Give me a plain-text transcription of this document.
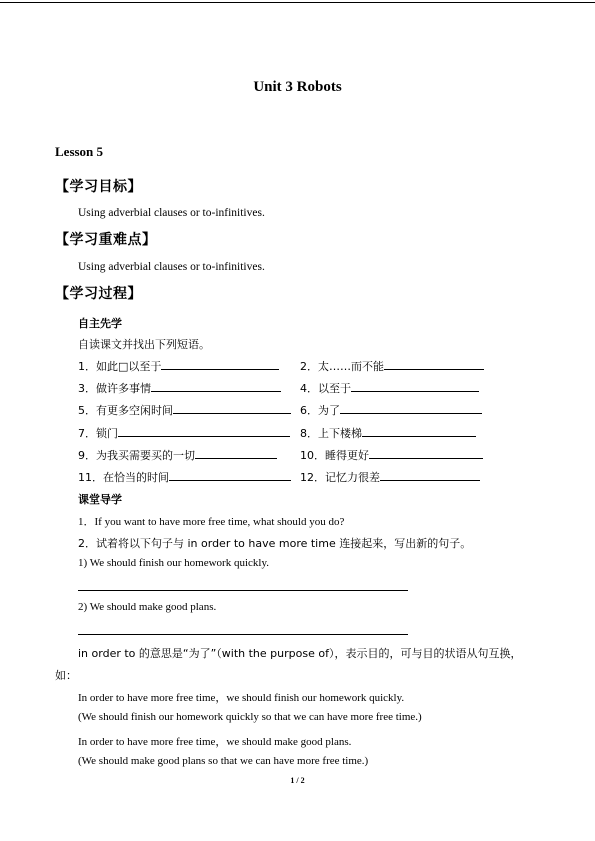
Unit 3 Robots
Lesson 5
【学习目标】
Using adverbial clauses or to-infinitives.
【学习重难点】
Using adverbial clauses or to-infinitives.
【学习过程】
自主先学
自读课文并找出下列短语。
1．如此□以至于	2．太……而不能
3．做许多事情	4．以至于
5．有更多空闲时间	6．为了
7．锁门	8．上下楼梯
9．为我买需要买的一切	10．睡得更好
11．在恰当的时间	12．记忆力很差
课堂导学
1．If you want to have more free time, what should you do?
2．试着将以下句子与 in order to have more time 连接起来，写出新的句子。
1) We should finish our homework quickly.
2) We should make good plans.
in order to 的意思是“为了”（with the purpose of），表示目的，可与目的状语从句互换，
如：
In order to have more free time，we should finish our homework quickly.
(We should finish our homework quickly so that we can have more free time.)
In order to have more free time，we should make good plans.
(We should make good plans so that we can have more free time.)
1 / 2
